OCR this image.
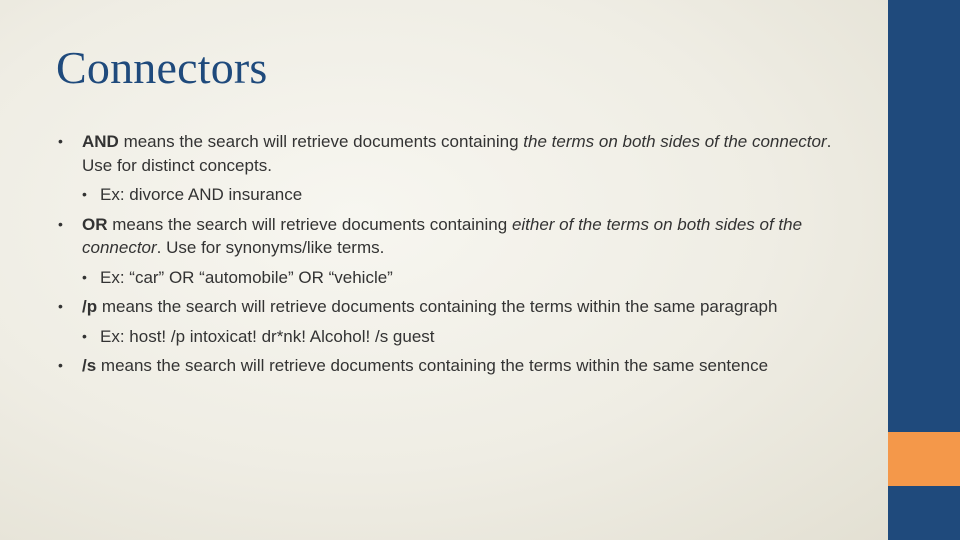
Connectors
•	AND means the search will retrieve documents containing the terms on both sides of the connector. Use for distinct concepts.
• Ex: divorce AND insurance
•	OR means the search will retrieve documents containing either of the terms on both sides of the connector. Use for synonyms/like terms.
• Ex: “car” OR “automobile” OR “vehicle”
•	/p means the search will retrieve documents containing the terms within the same paragraph
• Ex: host! /p intoxicat! dr*nk! Alcohol! /s guest
•	/s means the search will retrieve documents containing the terms within the same sentence
